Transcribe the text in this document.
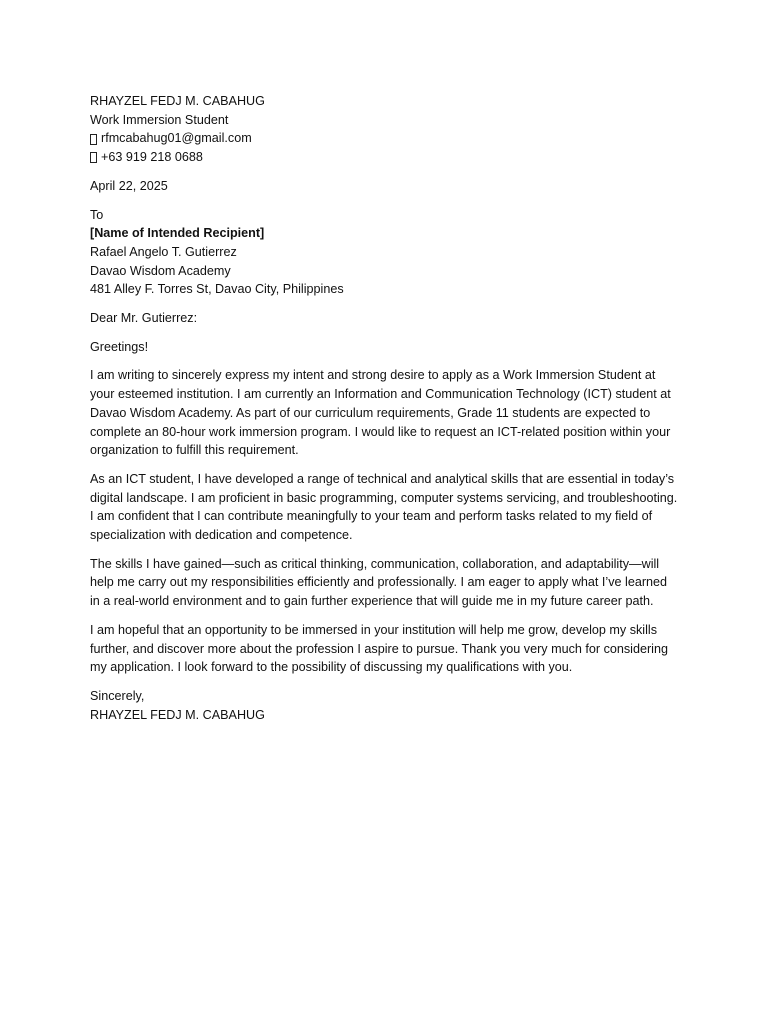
RHAYZEL FEDJ M. CABAHUG
Work Immersion Student
rfmcabahug01@gmail.com
+63 919 218 0688
April 22, 2025
To
[Name of Intended Recipient]
Rafael Angelo T. Gutierrez
Davao Wisdom Academy
481 Alley F. Torres St, Davao City, Philippines
Dear Mr. Gutierrez:
Greetings!

I am writing to sincerely express my intent and strong desire to apply as a Work Immersion Student at your esteemed institution. I am currently an Information and Communication Technology (ICT) student at Davao Wisdom Academy. As part of our curriculum requirements, Grade 11 students are expected to complete an 80-hour work immersion program. I would like to request an ICT-related position within your organization to fulfill this requirement.

As an ICT student, I have developed a range of technical and analytical skills that are essential in today’s digital landscape. I am proficient in basic programming, computer systems servicing, and troubleshooting. I am confident that I can contribute meaningfully to your team and perform tasks related to my field of specialization with dedication and competence.

The skills I have gained—such as critical thinking, communication, collaboration, and adaptability—will help me carry out my responsibilities efficiently and professionally. I am eager to apply what I’ve learned in a real-world environment and to gain further experience that will guide me in my future career path.

I am hopeful that an opportunity to be immersed in your institution will help me grow, develop my skills further, and discover more about the profession I aspire to pursue. Thank you very much for considering my application. I look forward to the possibility of discussing my qualifications with you.

Sincerely,
RHAYZEL FEDJ M. CABAHUG
